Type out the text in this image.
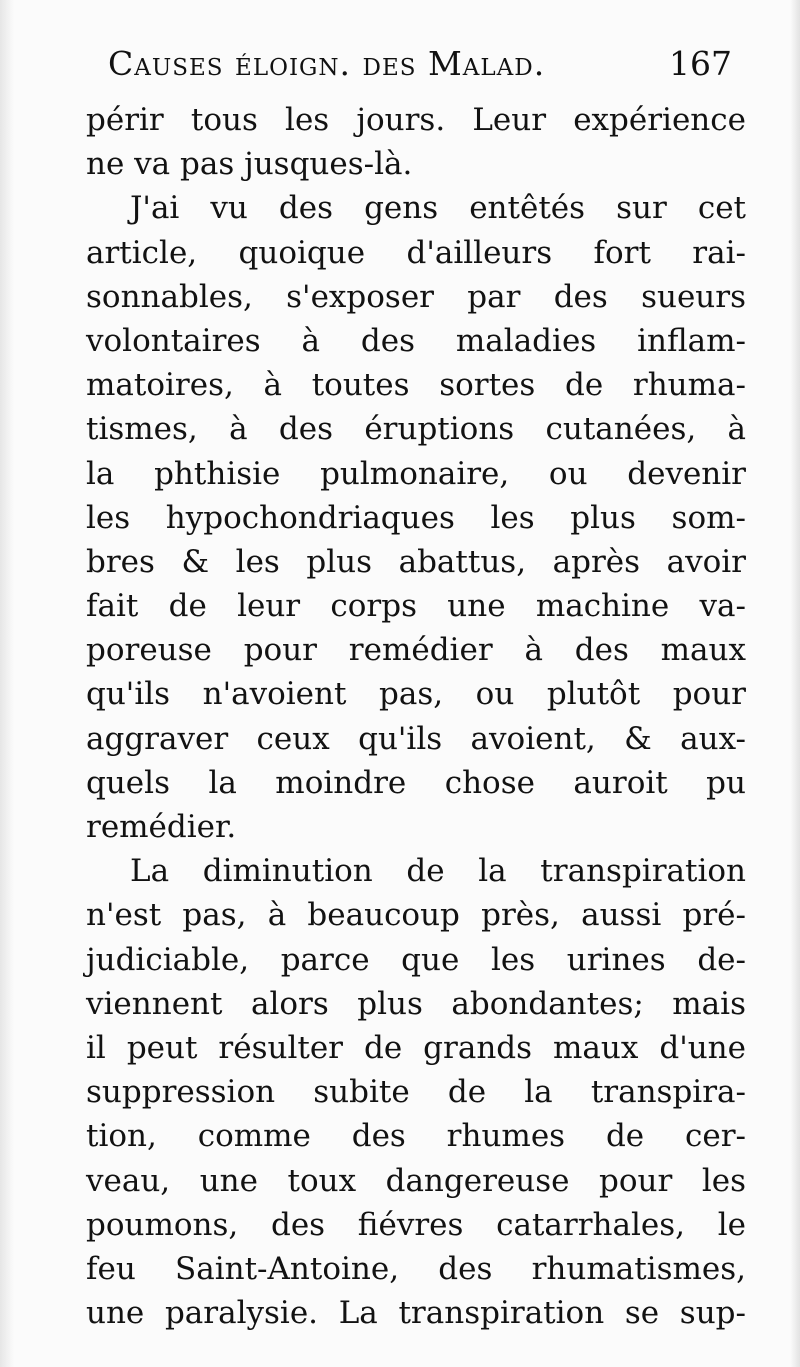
Causes éloign. des Malad.	167
périr tous les jours. Leur expérience
ne va pas jusques-là.
J'ai vu des gens entêtés sur cet
article, quoique d'ailleurs fort rai-
sonnables, s'exposer par des sueurs
volontaires à des maladies inflam-
matoires, à toutes sortes de rhuma-
tismes, à des éruptions cutanées, à
la phthisie pulmonaire, ou devenir
les hypochondriaques les plus som-
bres & les plus abattus, après avoir
fait de leur corps une machine va-
poreuse pour remédier à des maux
qu'ils n'avoient pas, ou plutôt pour
aggraver ceux qu'ils avoient, & aux-
quels la moindre chose auroit pu
remédier.
La diminution de la transpiration
n'est pas, à beaucoup près, aussi pré-
judiciable, parce que les urines de-
viennent alors plus abondantes; mais
il peut résulter de grands maux d'une
suppression subite de la transpira-
tion, comme des rhumes de cer-
veau, une toux dangereuse pour les
poumons, des fiévres catarrhales, le
feu Saint-Antoine, des rhumatismes,
une paralysie. La transpiration se sup-
